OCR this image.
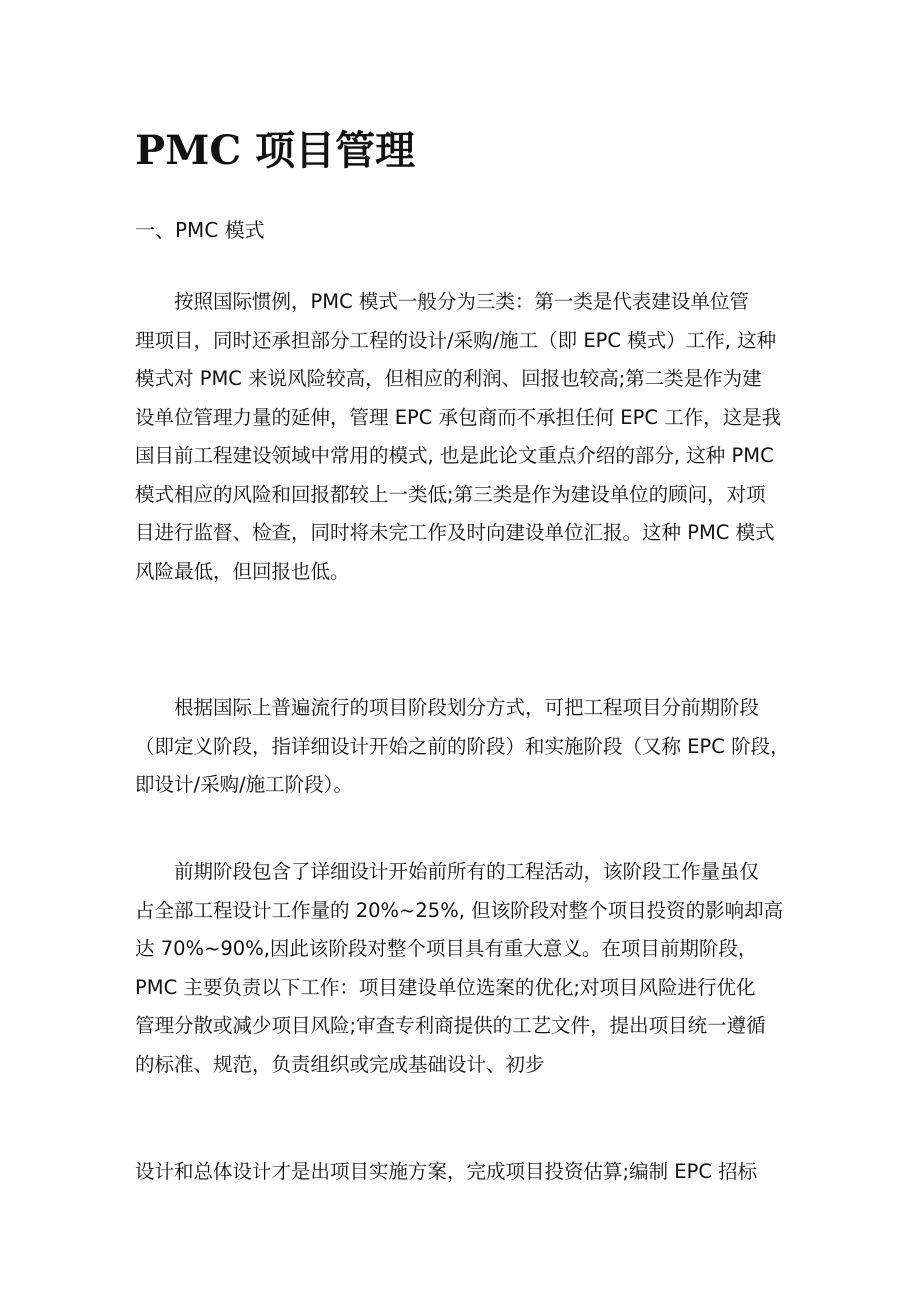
PMC 项目管理
一、PMC 模式
　　按照国际惯例，PMC 模式一般分为三类：第一类是代表建设单位管
理项目，同时还承担部分工程的设计/采购/施工（即 EPC 模式）工作, 这种
模式对 PMC 来说风险较高，但相应的利润、回报也较高;第二类是作为建
设单位管理力量的延伸，管理 EPC 承包商而不承担任何 EPC 工作，这是我
国目前工程建设领域中常用的模式, 也是此论文重点介绍的部分, 这种 PMC
模式相应的风险和回报都较上一类低;第三类是作为建设单位的顾问，对项
目进行监督、检查，同时将未完工作及时向建设单位汇报。这种 PMC 模式
风险最低，但回报也低。
　　根据国际上普遍流行的项目阶段划分方式，可把工程项目分前期阶段
（即定义阶段，指详细设计开始之前的阶段）和实施阶段（又称 EPC 阶段，
即设计/采购/施工阶段）。
　　前期阶段包含了详细设计开始前所有的工程活动，该阶段工作量虽仅
占全部工程设计工作量的 20%~25%, 但该阶段对整个项目投资的影响却高
达 70%~90%,因此该阶段对整个项目具有重大意义。在项目前期阶段，
PMC 主要负责以下工作：项目建设单位选案的优化;对项目风险进行优化
管理分散或减少项目风险;审查专利商提供的工艺文件，提出项目统一遵循
的标准、规范，负责组织或完成基础设计、初步
设计和总体设计才是出项目实施方案，完成项目投资估算;编制 EPC 招标
